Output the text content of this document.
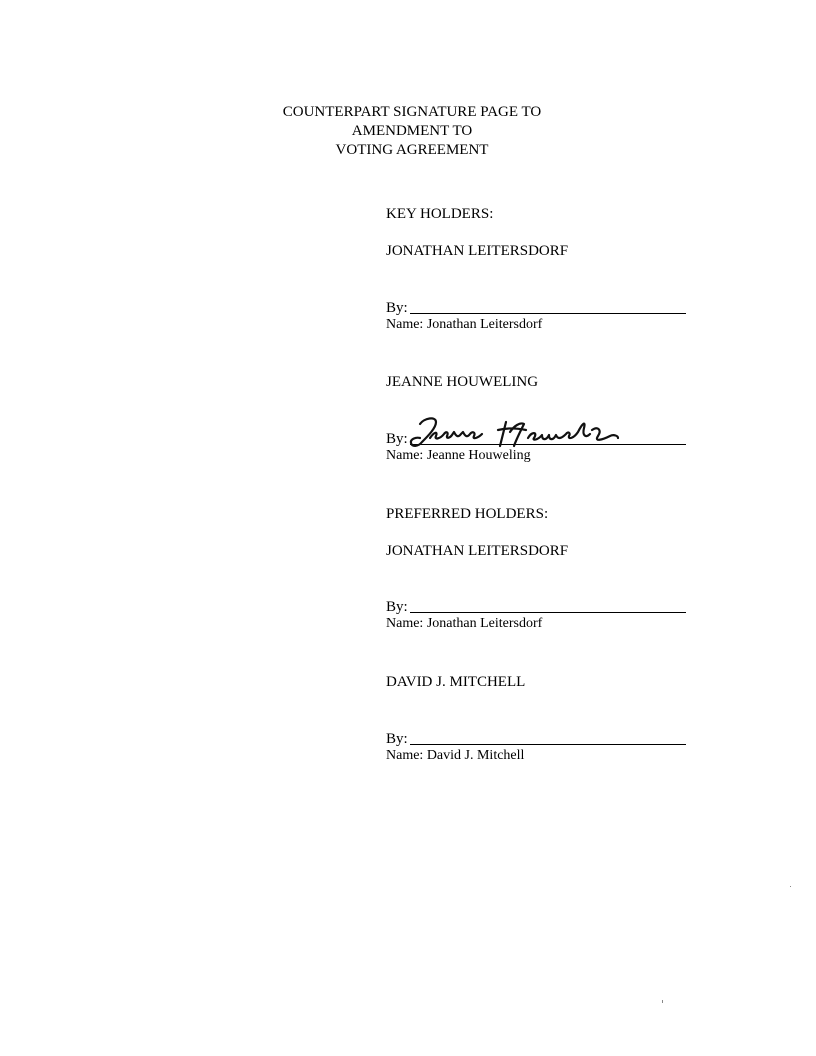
COUNTERPART SIGNATURE PAGE TO
AMENDMENT TO
VOTING AGREEMENT
KEY HOLDERS:
JONATHAN LEITERSDORF
By:
Name: Jonathan Leitersdorf
JEANNE HOUWELING
By:
Name: Jeanne Houweling
PREFERRED HOLDERS:
JONATHAN LEITERSDORF
By:
Name: Jonathan Leitersdorf
DAVID J. MITCHELL
By:
Name: David J. Mitchell
